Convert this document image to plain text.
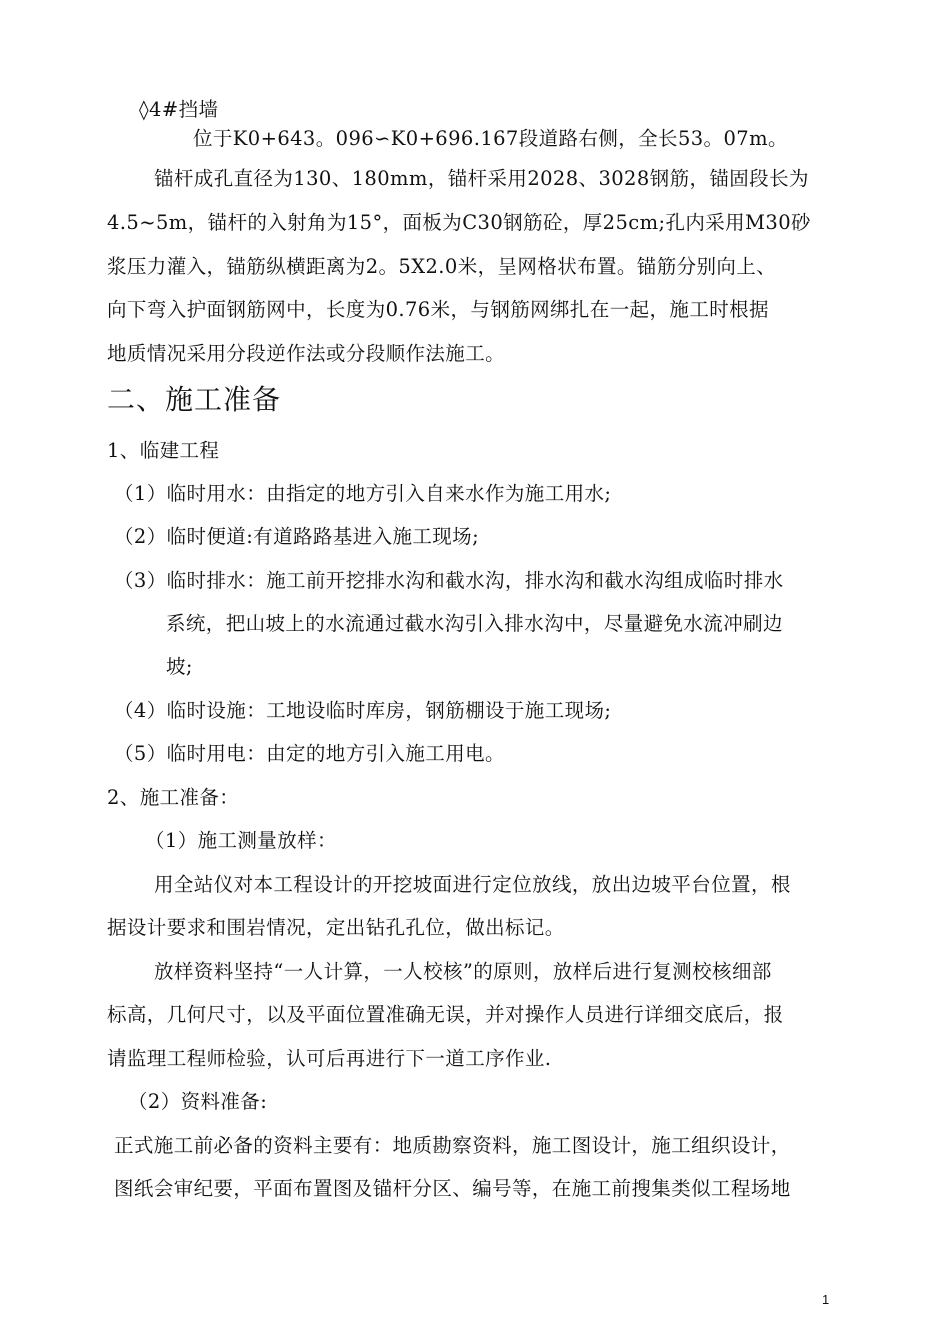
◊4#挡墙
位于K0+643。096∽K0+696.167段道路右侧，全长53。07m。
锚杆成孔直径为130、180mm，锚杆采用2028、3028钢筋，锚固段长为
4.5~5m，锚杆的入射角为15°，面板为C30钢筋砼，厚25cm;孔内采用M30砂
浆压力灌入，锚筋纵横距离为2。5X2.0米，呈网格状布置。锚筋分别向上、
向下弯入护面钢筋网中，长度为0.76米，与钢筋网绑扎在一起，施工时根据
地质情况采用分段逆作法或分段顺作法施工。
二、施工准备
1、临建工程
（1）临时用水：由指定的地方引入自来水作为施工用水;
（2）临时便道:有道路路基进入施工现场;
（3）临时排水：施工前开挖排水沟和截水沟，排水沟和截水沟组成临时排水
系统，把山坡上的水流通过截水沟引入排水沟中，尽量避免水流冲刷边
坡;
（4）临时设施：工地设临时库房，钢筋棚设于施工现场;
（5）临时用电：由定的地方引入施工用电。
2、施工准备：
（1）施工测量放样：
用全站仪对本工程设计的开挖坡面进行定位放线，放出边坡平台位置，根
据设计要求和围岩情况，定出钻孔孔位，做出标记。
放样资料坚持“一人计算，一人校核”的原则，放样后进行复测校核细部
标高，几何尺寸，以及平面位置准确无误，并对操作人员进行详细交底后，报
请监理工程师检验，认可后再进行下一道工序作业.
（2）资料准备:
正式施工前必备的资料主要有：地质勘察资料，施工图设计，施工组织设计，
图纸会审纪要，平面布置图及锚杆分区、编号等，在施工前搜集类似工程场地
1
